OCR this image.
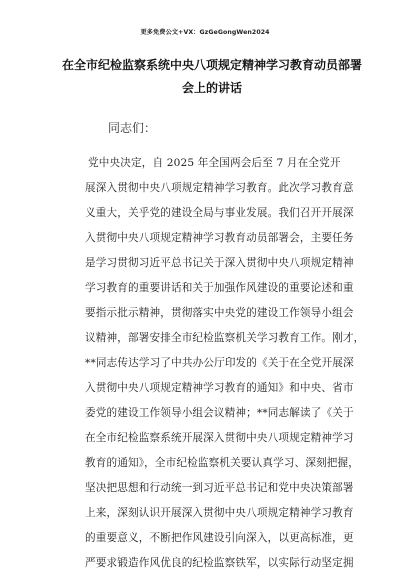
更多免费公文+VX：GzGeGongWen2024
在全市纪检监察系统中央八项规定精神学习教育动员部署
会上的讲话
同志们：
党中央决定，自 2025 年全国两会后至 7 月在全党开
展深入贯彻中央八项规定精神学习教育。此次学习教育意
义重大，关乎党的建设全局与事业发展。我们召开开展深
入贯彻中央八项规定精神学习教育动员部署会，主要任务
是学习贯彻习近平总书记关于深入贯彻中央八项规定精神
学习教育的重要讲话和关于加强作风建设的重要论述和重
要指示批示精神，贯彻落实中央党的建设工作领导小组会
议精神，部署安排全市纪检监察机关学习教育工作。刚才，
**同志传达学习了中共办公厅印发的《关于在全党开展深
入贯彻中央八项规定精神学习教育的通知》和中央、省市
委党的建设工作领导小组会议精神；**同志解读了《关于
在全市纪检监察系统开展深入贯彻中央八项规定精神学习
教育的通知》，全市纪检监察机关要认真学习、深刻把握，
坚决把思想和行动统一到习近平总书记和党中央决策部署
上来，深刻认识开展深入贯彻中央八项规定精神学习教育
的重要意义，不断把作风建设引向深入，以更高标准，更
严要求锻造作风优良的纪检监察铁军，以实际行动坚定拥
